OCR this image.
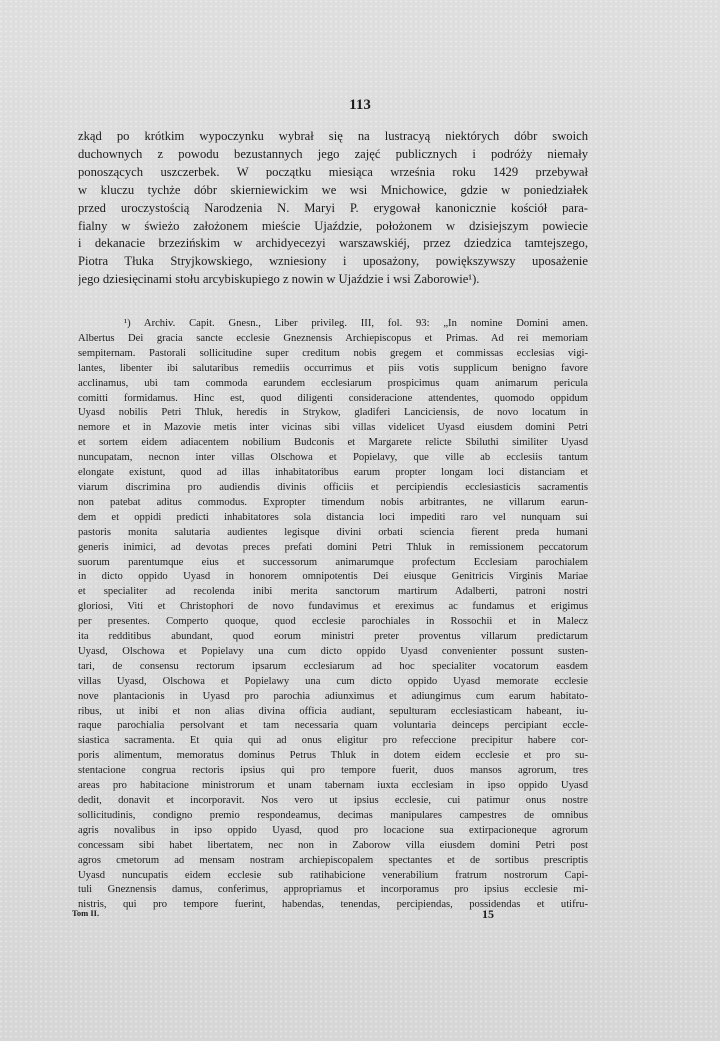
113
zkąd po krótkim wypoczynku wybrał się na lustracyą niektórych dóbr swoich
duchownych z powodu bezustannych jego zajęć publicznych i podróży niemały
ponoszących uszczerbek. W początku miesiąca września roku 1429 przebywał
w kluczu tychże dóbr skierniewickim we wsi Mnichowice, gdzie w poniedziałek
przed uroczystością Narodzenia N. Maryi P. erygował kanonicznie kościół para-
fialny w świeżo założonem mieście Ujaździe, położonem w dzisiejszym powiecie
i dekanacie brzezińskim w archidyecezyi warszawskiéj, przez dziedzica tamtejszego,
Piotra Tłuka Stryjkowskiego, wzniesiony i uposażony, powiększywszy uposażenie
jego dziesięcinami stołu arcybiskupiego z nowin w Ujaździe i wsi Zaborowie¹).
¹) Archiv. Capit. Gnesn., Liber privileg. III, fol. 93: „In nomine Domini amen.
Albertus Dei gracia sancte ecclesie Gneznensis Archiepiscopus et Primas. Ad rei memoriam
sempiternam. Pastorali sollicitudine super creditum nobis gregem et commissas ecclesias vigi-
lantes, libenter ibi salutaribus remediis occurrimus et piis votis supplicum benigno favore
acclinamus, ubi tam commoda earundem ecclesiarum prospicimus quam animarum pericula
comitti formidamus. Hinc est, quod diligenti consideracione attendentes, quomodo oppidum
Uyasd nobilis Petri Thluk, heredis in Strykow, gladiferi Lanciciensis, de novo locatum in
nemore et in Mazovie metis inter vicinas sibi villas videlicet Uyasd eiusdem domini Petri
et sortem eidem adiacentem nobilium Budconis et Margarete relicte Sbiluthi similiter Uyasd
nuncupatam, necnon inter villas Olschowa et Popielavy, que ville ab ecclesiis tantum
elongate existunt, quod ad illas inhabitatoribus earum propter longam loci distanciam et
viarum discrimina pro audiendis divinis officiis et percipiendis ecclesiasticis sacramentis
non patebat aditus commodus. Expropter timendum nobis arbitrantes, ne villarum earun-
dem et oppidi predicti inhabitatores sola distancia loci impediti raro vel nunquam sui
pastoris monita salutaria audientes legisque divini orbati sciencia fierent preda humani
generis inimici, ad devotas preces prefati domini Petri Thluk in remissionem peccatorum
suorum parentumque eius et successorum animarumque profectum Ecclesiam parochialem
in dicto oppido Uyasd in honorem omnipotentis Dei eiusque Genitricis Virginis Mariae
et specialiter ad recolenda inibi merita sanctorum martirum Adalberti, patroni nostri
gloriosi, Viti et Christophori de novo fundavimus et ereximus ac fundamus et erigimus
per presentes. Comperto quoque, quod ecclesie parochiales in Rossochii et in Malecz
ita redditibus abundant, quod eorum ministri preter proventus villarum predictarum
Uyasd, Olschowa et Popielavy una cum dicto oppido Uyasd convenienter possunt susten-
tari, de consensu rectorum ipsarum ecclesiarum ad hoc specialiter vocatorum easdem
villas Uyasd, Olschowa et Popielawy una cum dicto oppido Uyasd memorate ecclesie
nove plantacionis in Uyasd pro parochia adiunximus et adiungimus cum earum habitato-
ribus, ut inibi et non alias divina officia audiant, sepulturam ecclesiasticam habeant, iu-
raque parochialia persolvant et tam necessaria quam voluntaria deinceps percipiant eccle-
siastica sacramenta. Et quia qui ad onus eligitur pro refeccione precipitur habere cor-
poris alimentum, memoratus dominus Petrus Thluk in dotem eidem ecclesie et pro su-
stentacione congrua rectoris ipsius qui pro tempore fuerit, duos mansos agrorum, tres
areas pro habitacione ministrorum et unam tabernam iuxta ecclesiam in ipso oppido Uyasd
dedit, donavit et incorporavit. Nos vero ut ipsius ecclesie, cui patimur onus nostre
sollicitudinis, condigno premio respondeamus, decimas manipulares campestres de omnibus
agris novalibus in ipso oppido Uyasd, quod pro locacione sua extirpacioneque agrorum
concessam sibi habet libertatem, nec non in Zaborow villa eiusdem domini Petri post
agros cmetorum ad mensam nostram archiepiscopalem spectantes et de sortibus prescriptis
Uyasd nuncupatis eidem ecclesie sub ratihabicione venerabilium fratrum nostrorum Capi-
tuli Gneznensis damus, conferimus, appropriamus et incorporamus pro ipsius ecclesie mi-
nistris, qui pro tempore fuerint, habendas, tenendas, percipiendas, possidendas et utifru-
Tom II.	15
